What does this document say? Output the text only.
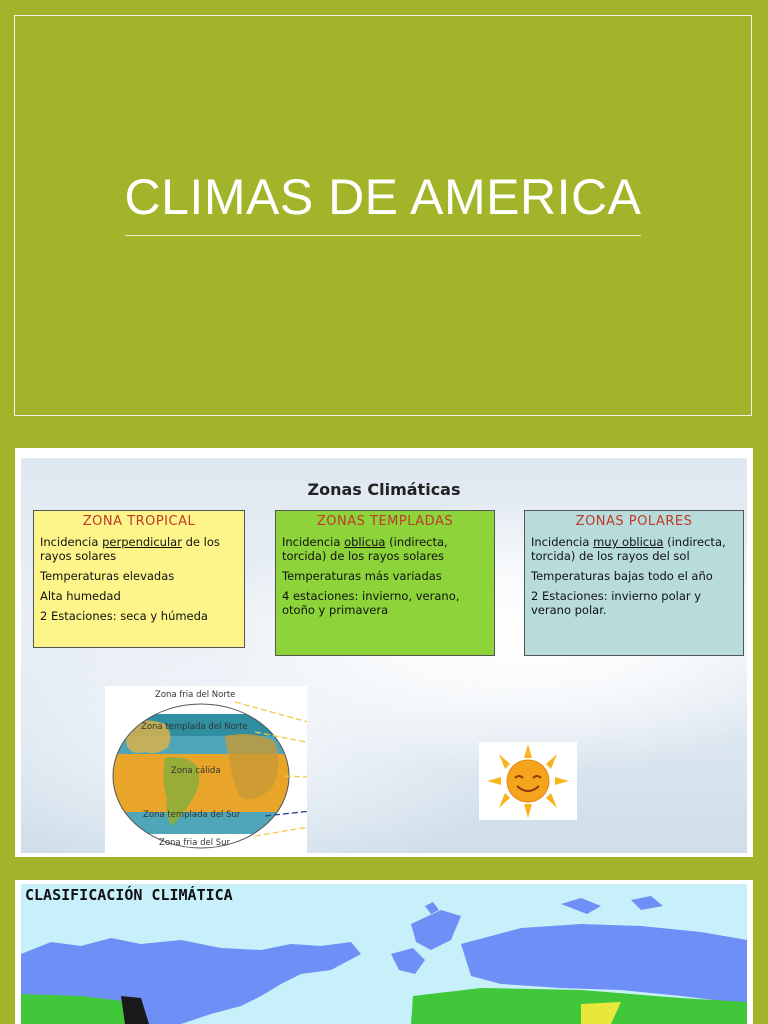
CLIMAS DE AMERICA
Zonas Climáticas
ZONA TROPICAL

Incidencia perpendicular de los rayos solares

Temperaturas elevadas

Alta humedad

2 Estaciones: seca y húmeda

ZONAS TEMPLADAS

Incidencia oblicua (indirecta, torcida) de los rayos solares

Temperaturas más variadas

4 estaciones: invierno, verano, otoño y primavera

ZONAS POLARES

Incidencia muy oblicua (indirecta, torcida) de los rayos del sol

Temperaturas bajas todo el año

2 Estaciones: invierno polar y verano polar.

Zona fria del Norte
Zona templada del Norte
Zona cálida
Zona templada del Sur
Zona fria del Sur
CLASIFICACIÓN CLIMÁTICA
